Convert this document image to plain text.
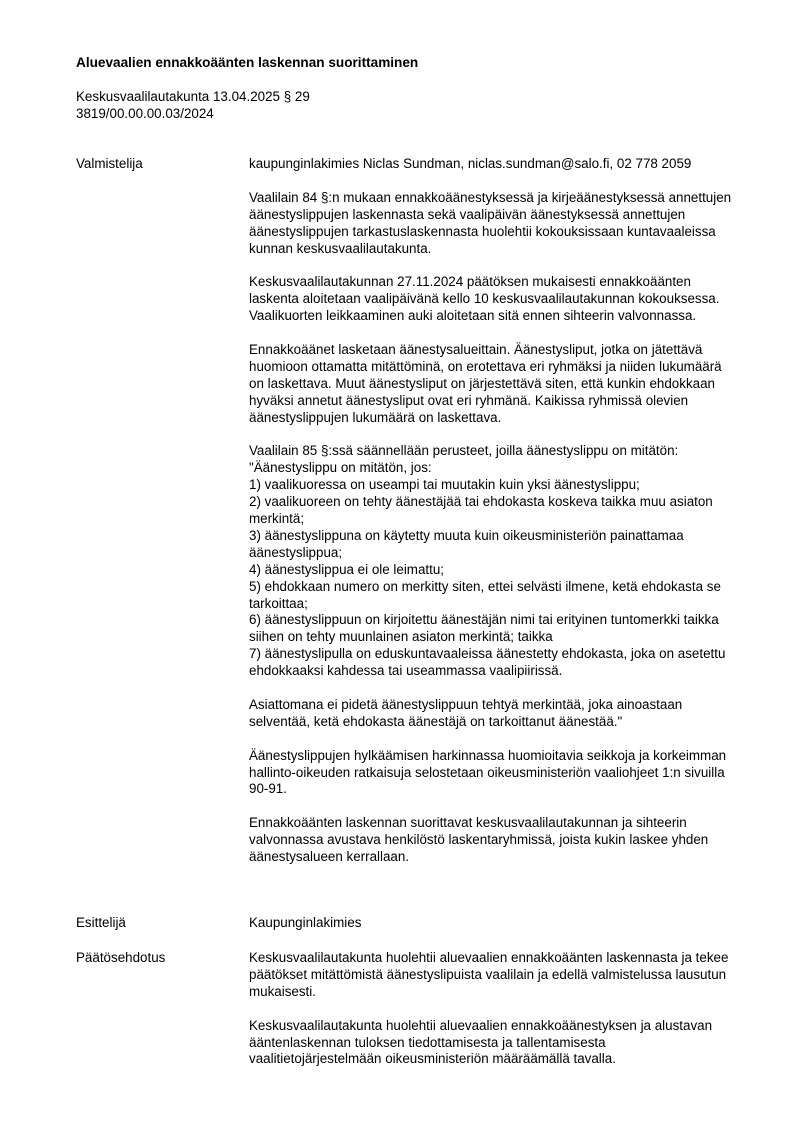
Aluevaalien ennakkoäänten laskennan suorittaminen
Keskusvaalilautakunta 13.04.2025 § 29
3819/00.00.00.03/2024
Valmistelija	kaupunginlakimies Niclas Sundman, niclas.sundman@salo.fi, 02 778 2059

Vaalilain 84 §:n mukaan ennakkoäänestyksessä ja kirjeäänestyksessä annettujen äänestyslippujen laskennasta sekä vaalipäivän äänestyksessä annettujen äänestyslippujen tarkastuslaskennasta huolehtii kokouksissaan kuntavaaleissa kunnan keskusvaalilautakunta.

Keskusvaalilautakunnan 27.11.2024 päätöksen mukaisesti ennakkoäänten laskenta aloitetaan vaalipäivänä kello 10 keskusvaalilautakunnan kokouksessa. Vaalikuorten leikkaaminen auki aloitetaan sitä ennen sihteerin valvonnassa.

Ennakkoäänet lasketaan äänestysalueittain. Äänestysliput, jotka on jätettävä huomioon ottamatta mitättöminä, on erotettava eri ryhmäksi ja niiden lukumäärä on laskettava. Muut äänestysliput on järjestettävä siten, että kunkin ehdokkaan hyväksi annetut äänestysliput ovat eri ryhmänä. Kaikissa ryhmissä olevien äänestyslippujen lukumäärä on laskettava.

Vaalilain 85 §:ssä säännellään perusteet, joilla äänestyslippu on mitätön:

"Äänestyslippu on mitätön, jos:

1) vaalikuoressa on useampi tai muutakin kuin yksi äänestyslippu;

2) vaalikuoreen on tehty äänestäjää tai ehdokasta koskeva taikka muu asiaton merkintä;

3) äänestyslippuna on käytetty muuta kuin oikeusministeriön painattamaa äänestyslippua;

4) äänestyslippua ei ole leimattu;

5) ehdokkaan numero on merkitty siten, ettei selvästi ilmene, ketä ehdokasta se tarkoittaa;

6) äänestyslippuun on kirjoitettu äänestäjän nimi tai erityinen tuntomerkki taikka siihen on tehty muunlainen asiaton merkintä; taikka

7) äänestyslipulla on eduskuntavaaleissa äänestetty ehdokasta, joka on asetettu ehdokkaaksi kahdessa tai useammassa vaalipiirissä.

Asiattomana ei pidetä äänestyslippuun tehtyä merkintää, joka ainoastaan selventää, ketä ehdokasta äänestäjä on tarkoittanut äänestää."

Äänestyslippujen hylkäämisen harkinnassa huomioitavia seikkoja ja korkeimman hallinto-oikeuden ratkaisuja selostetaan oikeusministeriön vaaliohjeet 1:n sivuilla 90-91.

Ennakkoäänten laskennan suorittavat keskusvaalilautakunnan ja sihteerin valvonnassa avustava henkilöstö laskentaryhmissä, joista kukin laskee yhden äänestysalueen kerrallaan.

Esittelijä	Kaupunginlakimies
Päätösehdotus	Keskusvaalilautakunta huolehtii aluevaalien ennakkoäänten laskennasta ja tekee päätökset mitättömistä äänestyslipuista vaalilain ja edellä valmistelussa lausutun mukaisesti.

Keskusvaalilautakunta huolehtii aluevaalien ennakkoäänestyksen ja alustavan ääntenlaskennan tuloksen tiedottamisesta ja tallentamisesta vaalitietojärjestelmään oikeusministeriön määräämällä tavalla.
